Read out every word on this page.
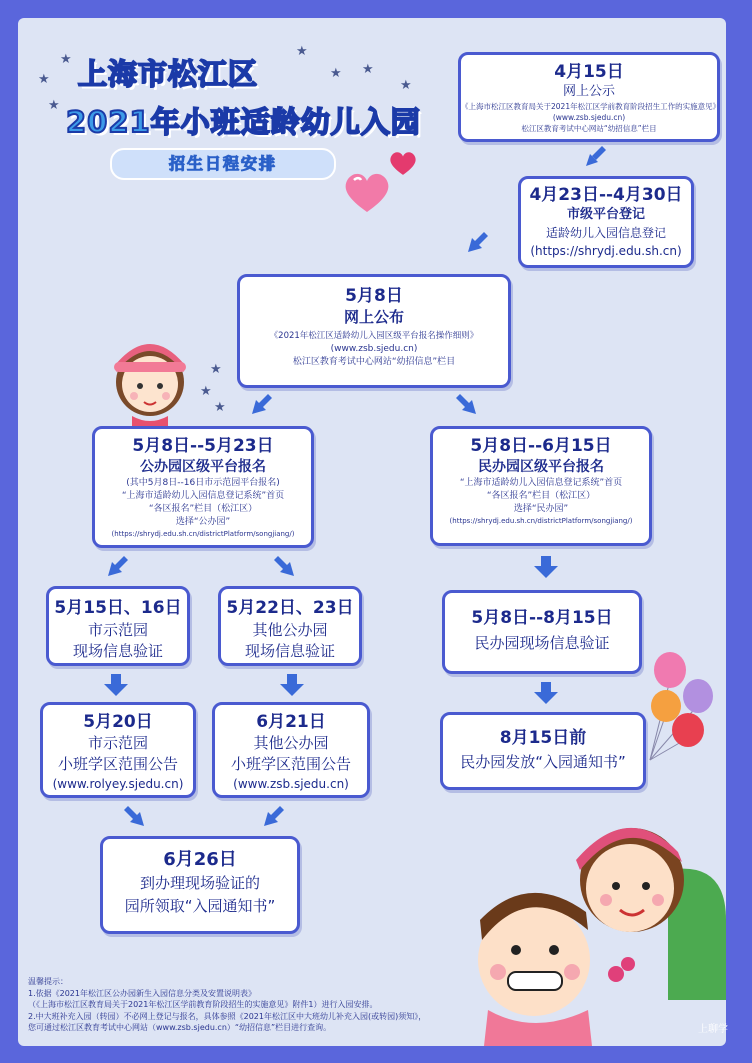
★
★
★
★
★ ★
★
★
★
★
上海市松江区
2021年小班适龄幼儿入园
招生日程安排
4月15日
网上公示
《上海市松江区教育局关于2021年松江区学前教育阶段招生工作的实施意见》
(www.zsb.sjedu.cn)
松江区教育考试中心网站“幼招信息”栏目
4月23日--4月30日
市级平台登记
适龄幼儿入园信息登记
(https://shrydj.edu.sh.cn)
5月8日
网上公布
《2021年松江区适龄幼儿入园区级平台报名操作细则》
(www.zsb.sjedu.cn)
松江区教育考试中心网站“幼招信息”栏目
5月8日--5月23日
公办园区级平台报名
(其中5月8日--16日市示范园平台报名)
“上海市适龄幼儿入园信息登记系统”首页
“各区报名”栏目（松江区）
选择“公办园”
(https://shrydj.edu.sh.cn/districtPlatform/songjiang/)
5月8日--6月15日
民办园区级平台报名
“上海市适龄幼儿入园信息登记系统”首页
“各区报名”栏目（松江区）
选择“民办园”
(https://shrydj.edu.sh.cn/districtPlatform/songjiang/)
5月15日、16日
市示范园
现场信息验证
5月22日、23日
其他公办园
现场信息验证
5月8日--8月15日
民办园现场信息验证
5月20日
市示范园
小班学区范围公告
(www.rolyey.sjedu.cn)
6月21日
其他公办园
小班学区范围公告
(www.zsb.sjedu.cn)
8月15日前
民办园发放“入园通知书”
6月26日
到办理现场验证的
园所领取“入园通知书”
温馨提示：
1.依据《2021年松江区公办园新生入园信息分类及安置说明表》
（《上海市松江区教育局关于2021年松江区学前教育阶段招生的实施意见》附件1）进行入园安排。
2.中大班补充入园（转园）不必网上登记与报名，具体参照《2021年松江区中大班幼儿补充入园(或转园)须知》，
您可通过松江区教育考试中心网站（www.zsb.sjedu.cn）“幼招信息”栏目进行查询。	上聊学
